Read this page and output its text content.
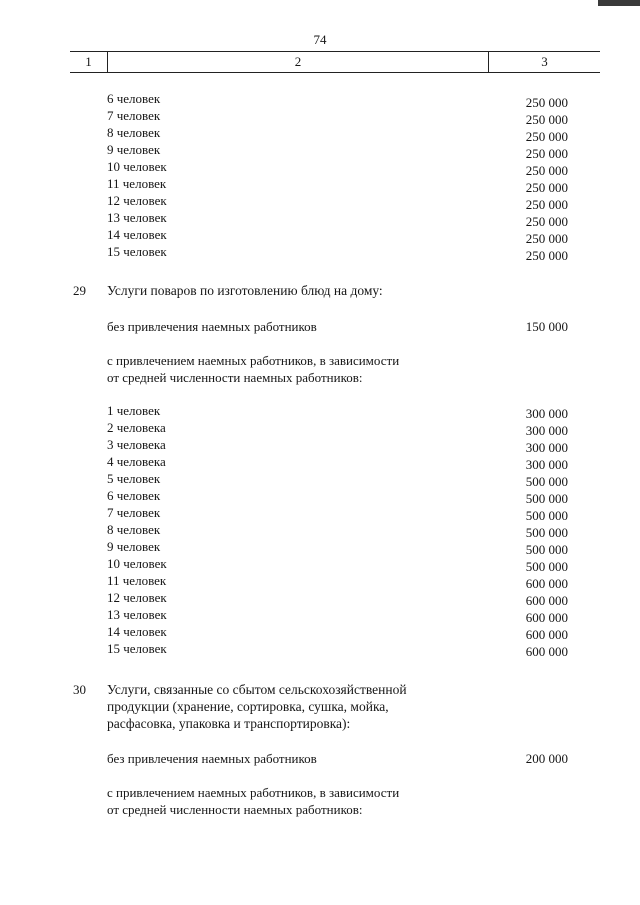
74
1	2	3
6 человек	250 000
7 человек	250 000
8 человек	250 000
9 человек	250 000
10 человек	250 000
11 человек	250 000
12 человек	250 000
13 человек	250 000
14 человек	250 000
15 человек	250 000
29 Услуги поваров по изготовлению блюд на дому:
без привлечения наемных работников	150 000
с привлечением наемных работников, в зависимости
от средней численности наемных работников:
1 человек	300 000
2 человека	300 000
3 человека	300 000
4 человека	300 000
5 человек	500 000
6 человек	500 000
7 человек	500 000
8 человек	500 000
9 человек	500 000
10 человек	500 000
11 человек	600 000
12 человек	600 000
13 человек	600 000
14 человек	600 000
15 человек	600 000
30 Услуги, связанные со сбытом сельскохозяйственной
продукции (хранение, сортировка, сушка, мойка,
расфасовка, упаковка и транспортировка):
без привлечения наемных работников	200 000
с привлечением наемных работников, в зависимости
от средней численности наемных работников:
